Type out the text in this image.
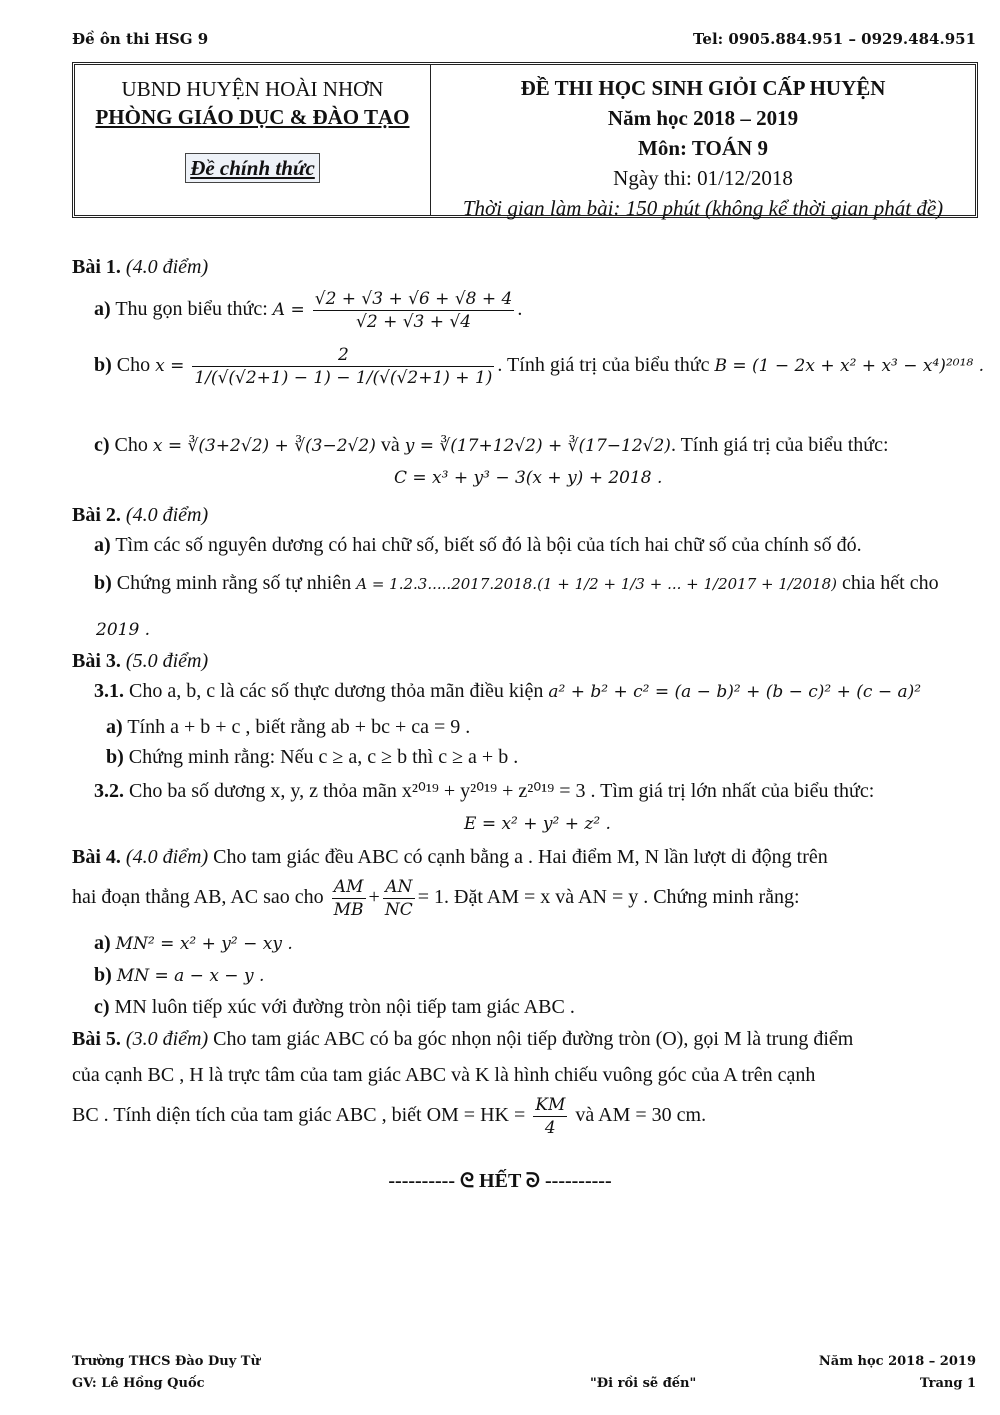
Đề ôn thi HSG 9	Tel: 0905.884.951 – 0929.484.951
UBND HUYỆN HOÀI NHƠN
PHÒNG GIÁO DỤC & ĐÀO TẠO
Đề chính thức
ĐỀ THI HỌC SINH GIỎI CẤP HUYỆN
Năm học 2018 – 2019
Môn: TOÁN 9
Ngày thi: 01/12/2018
Thời gian làm bài: 150 phút (không kể thời gian phát đề)
Bài 1. (4.0 điểm)
a) Thu gọn biểu thức: $A = \frac{√2 + √3 + √6 + √8 + 4}{√2 + √3 + √4}$ .
b) Cho $x = \frac{2}{1/(√(√2+1) - 1) - 1/(√(√2+1) + 1)}$ . Tính giá trị của biểu thức B = (1 − 2x + x² + x³ − x⁴)²⁰¹⁸ .
c) Cho x = ∛(3+2√2) + ∛(3−2√2) và y = ∛(17+12√2) + ∛(17−12√2). Tính giá trị của biểu thức:
C = x³ + y³ − 3(x + y) + 2018 .
Bài 2. (4.0 điểm)
a) Tìm các số nguyên dương có hai chữ số, biết số đó là bội của tích hai chữ số của chính số đó.
b) Chứng minh rằng số tự nhiên A = 1.2.3.....2017.2018.(1 + 1/2 + 1/3 + ... + 1/2017 + 1/2018) chia hết cho
2019 .
Bài 3. (5.0 điểm)
3.1. Cho a, b, c là các số thực dương thỏa mãn điều kiện a² + b² + c² = (a − b)² + (b − c)² + (c − a)²
a) Tính a + b + c , biết rằng ab + bc + ca = 9 .
b) Chứng minh rằng: Nếu c ≥ a, c ≥ b thì c ≥ a + b .
3.2. Cho ba số dương x, y, z thỏa mãn x²⁰¹⁹ + y²⁰¹⁹ + z²⁰¹⁹ = 3 . Tìm giá trị lớn nhất của biểu thức:
E = x² + y² + z² .
Bài 4. (4.0 điểm) Cho tam giác đều ABC có cạnh bằng a . Hai điểm M, N lần lượt di động trên
hai đoạn thẳng AB, AC sao cho $\frac{AM}{MB} + \frac{AN}{NC} = 1$. Đặt AM = x và AN = y . Chứng minh rằng:
a) MN² = x² + y² − xy .
b) MN = a − x − y .
c) MN luôn tiếp xúc với đường tròn nội tiếp tam giác ABC .
Bài 5. (3.0 điểm) Cho tam giác ABC có ba góc nhọn nội tiếp đường tròn (O), gọi M là trung điểm
của cạnh BC , H là trực tâm của tam giác ABC và K là hình chiếu vuông góc của A trên cạnh
BC . Tính diện tích của tam giác ABC , biết OM = HK = $\frac{KM}{4}$ và AM = 30 cm.
---------- ᘓ HẾT ᘐ ----------
Trường THCS Đào Duy Từ
GV: Lê Hồng Quốc	"Đi rồi sẽ đến"
Năm học 2018 – 2019
Trang 1
